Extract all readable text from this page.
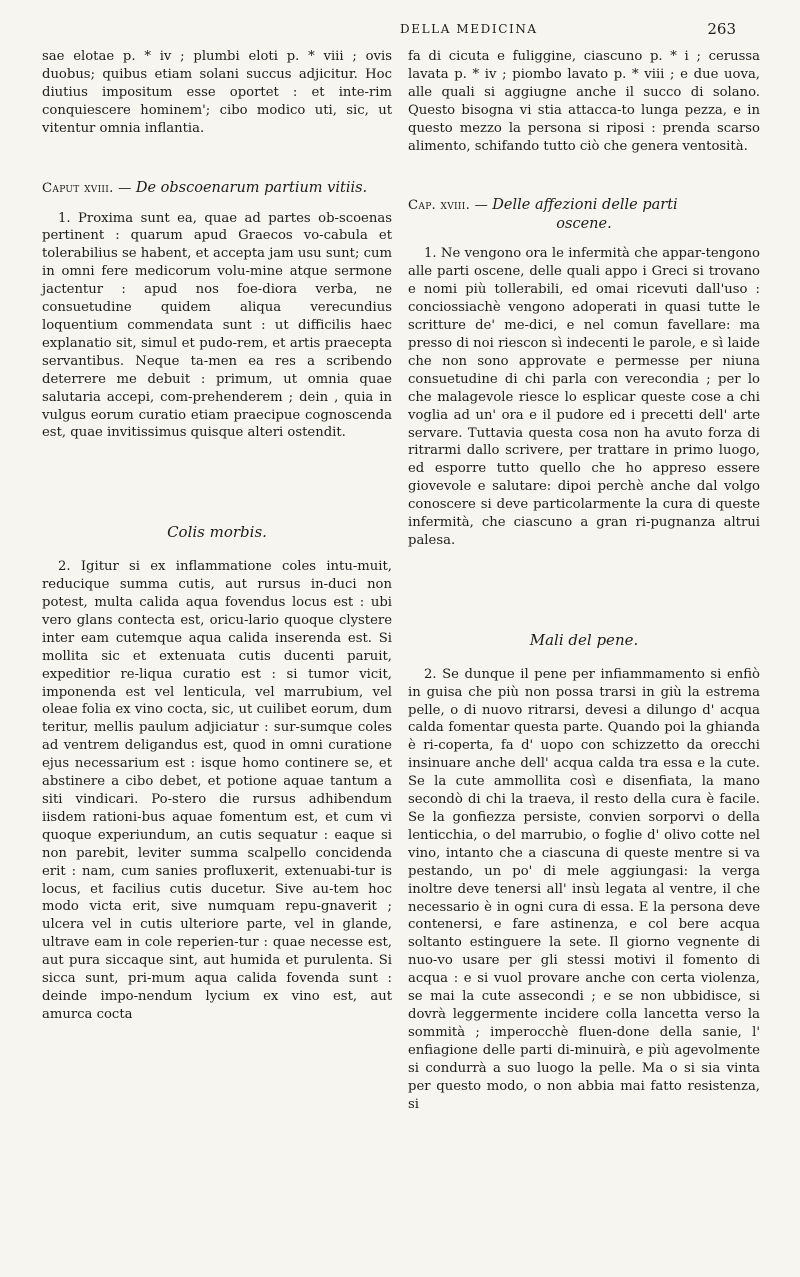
DELLA MEDICINA	263

sae elotae p. * iv ; plumbi eloti p. * viii ; ovis duobus; quibus etiam solani succus adjicitur. Hoc diutius impositum esse oportet : et inte-rim conquiescere hominem'; cibo modico uti, sic, ut vitentur omnia inflantia.

Caput xviii. — De obscoenarum partium vitiis.

1. Proxima sunt ea, quae ad partes ob-scoenas pertinent : quarum apud Graecos vo-cabula et tolerabilius se habent, et accepta jam usu sunt; cum in omni fere medicorum volu-mine atque sermone jactentur : apud nos foe-diora verba, ne consuetudine quidem aliqua verecundius loquentium commendata sunt : ut difficilis haec explanatio sit, simul et pudo-rem, et artis praecepta servantibus. Neque ta-men ea res a scribendo deterrere me debuit : primum, ut omnia quae salutaria accepi, com-prehenderem ; dein , quia in vulgus eorum curatio etiam praecipue cognoscenda est, quae invitissimus quisque alteri ostendit.

Colis morbis.

2. Igitur si ex inflammatione coles intu-muit, reducique summa cutis, aut rursus in-duci non potest, multa calida aqua fovendus locus est : ubi vero glans contecta est, oricu-lario quoque clystere inter eam cutemque aqua calida inserenda est. Si mollita sic et extenuata cutis ducenti paruit, expeditior re-liqua curatio est : si tumor vicit, imponenda est vel lenticula, vel marrubium, vel oleae folia ex vino cocta, sic, ut cuilibet eorum, dum teritur, mellis paulum adjiciatur : sur-sumque coles ad ventrem deligandus est, quod in omni curatione ejus necessarium est : isque homo continere se, et abstinere a cibo debet, et potione aquae tantum a siti vindicari. Po-stero die rursus adhibendum iisdem rationi-bus aquae fomentum est, et cum vi quoque experiundum, an cutis sequatur : eaque si non parebit, leviter summa scalpello concidenda erit : nam, cum sanies profluxerit, extenuabi-tur is locus, et facilius cutis ducetur. Sive au-tem hoc modo victa erit, sive numquam repu-gnaverit ; ulcera vel in cutis ulteriore parte, vel in glande, ultrave eam in cole reperien-tur : quae necesse est, aut pura siccaque sint, aut humida et purulenta. Si sicca sunt, pri-mum aqua calida fovenda sunt : deinde impo-nendum lycium ex vino est, aut amurca cocta

fa di cicuta e fuliggine, ciascuno p. * i ; cerussa lavata p. * iv ; piombo lavato p. * viii ; e due uova, alle quali si aggiugne anche il succo di solano. Questo bisogna vi stia attacca-to lunga pezza, e in questo mezzo la persona si riposi : prenda scarso alimento, schifando tutto ciò che genera ventosità.

Cap. xviii. — Delle affezioni delle parti
oscene.

1. Ne vengono ora le infermità che appar-tengono alle parti oscene, delle quali appo i Greci si trovano e nomi più tollerabili, ed omai ricevuti dall'uso : conciossiachè vengono adoperati in quasi tutte le scritture de' me-dici, e nel comun favellare: ma presso di noi riescon sì indecenti le parole, e sì laide che non sono approvate e permesse per niuna consuetudine di chi parla con verecondia ; per lo che malagevole riesce lo esplicar queste cose a chi voglia ad un' ora e il pudore ed i precetti dell' arte servare. Tuttavia questa cosa non ha avuto forza di ritrarmi dallo scrivere, per trattare in primo luogo, ed esporre tutto quello che ho appreso essere giovevole e salutare: dipoi perchè anche dal volgo conoscere si deve particolarmente la cura di queste infermità, che ciascuno a gran ri-pugnanza altrui palesa.

Mali del pene.

2. Se dunque il pene per infiammamento si enfiò in guisa che più non possa trarsi in giù la estrema pelle, o di nuovo ritrarsi, devesi a dilungo d' acqua calda fomentar questa parte. Quando poi la ghianda è ri-coperta, fa d' uopo con schizzetto da orecchi insinuare anche dell' acqua calda tra essa e la cute. Se la cute ammollita così e disenfiata, la mano secondò di chi la traeva, il resto della cura è facile. Se la gonfiezza persiste, convien sorporvi o della lenticchia, o del marrubio, o foglie d' olivo cotte nel vino, intanto che a ciascuna di queste mentre si va pestando, un po' di mele aggiungasi: la verga inoltre deve tenersi all' insù legata al ventre, il che necessario è in ogni cura di essa. E la persona deve contenersi, e fare astinenza, e col bere acqua soltanto estinguere la sete. Il giorno vegnente di nuo-vo usare per gli stessi motivi il fomento di acqua : e si vuol provare anche con certa violenza, se mai la cute assecondi ; e se non ubbidisce, si dovrà leggermente incidere colla lancetta verso la sommità ; imperocchè fluen-done della sanie, l' enfiagione delle parti di-minuirà, e più agevolmente si condurrà a suo luogo la pelle. Ma o si sia vinta per questo modo, o non abbia mai fatto resistenza, si
